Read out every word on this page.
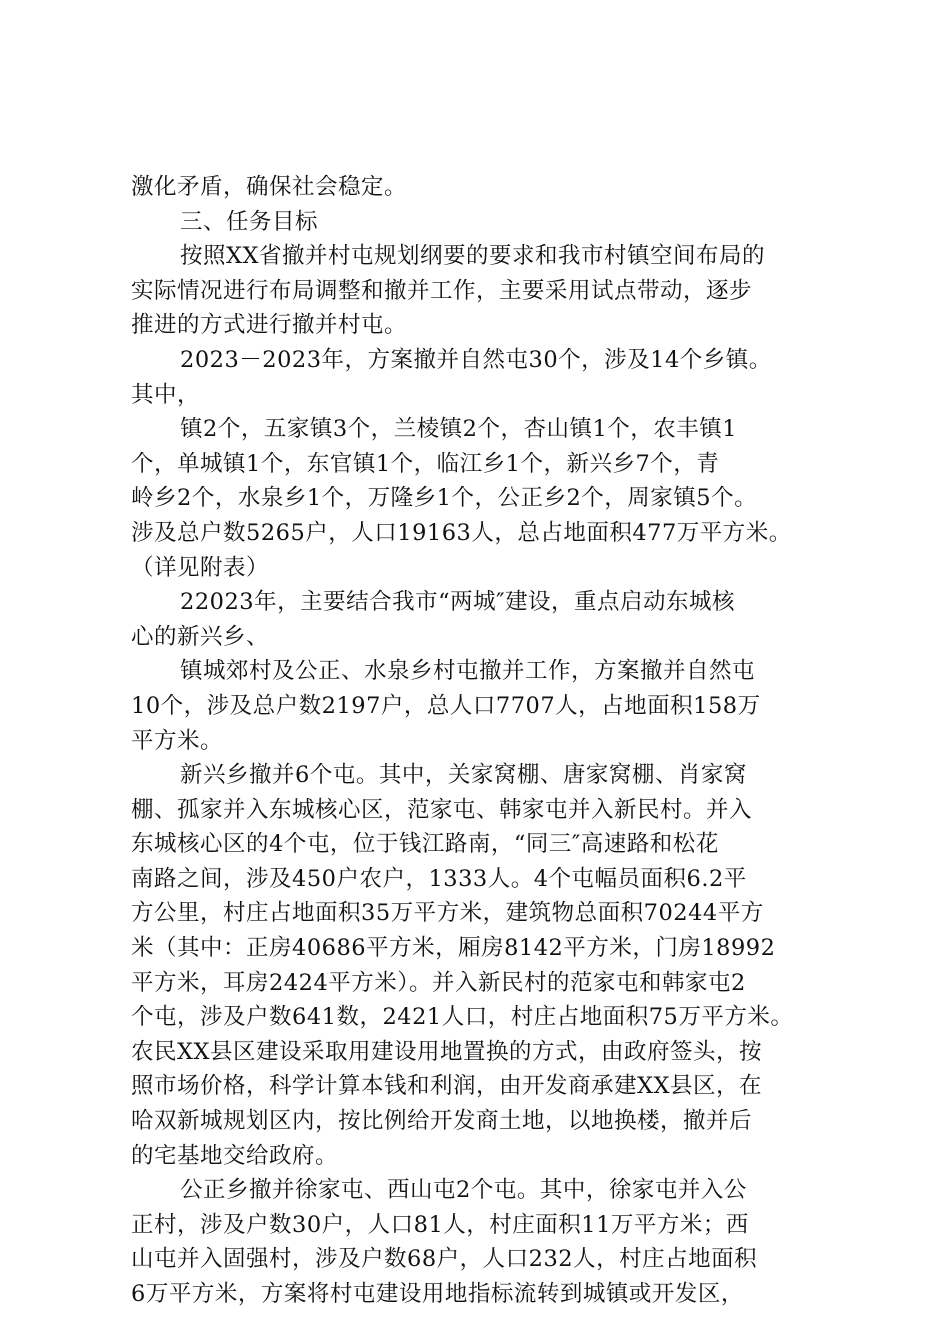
激化矛盾，确保社会稳定。
三、任务目标
按照XX省撤并村屯规划纲要的要求和我市村镇空间布局的
实际情况进行布局调整和撤并工作，主要采用试点带动，逐步
推进的方式进行撤并村屯。
2023－2023年，方案撤并自然屯30个，涉及14个乡镇。
其中，
镇2个，五家镇3个，兰棱镇2个，杏山镇1个，农丰镇1
个，单城镇1个，东官镇1个，临江乡1个，新兴乡7个，青
岭乡2个，水泉乡1个，万隆乡1个，公正乡2个，周家镇5个。
涉及总户数5265户，人口19163人，总占地面积477万平方米。
（详见附表）
22023年，主要结合我市“两城″建设，重点启动东城核
心的新兴乡、
镇城郊村及公正、水泉乡村屯撤并工作，方案撤并自然屯
10个，涉及总户数2197户，总人口7707人，占地面积158万
平方米。
新兴乡撤并6个屯。其中，关家窝棚、唐家窝棚、肖家窝
棚、孤家并入东城核心区，范家屯、韩家屯并入新民村。并入
东城核心区的4个屯，位于钱江路南，“同三″高速路和松花
南路之间，涉及450户农户，1333人。4个屯幅员面积6.2平
方公里，村庄占地面积35万平方米，建筑物总面积70244平方
米（其中：正房40686平方米，厢房8142平方米，门房18992
平方米，耳房2424平方米）。并入新民村的范家屯和韩家屯2
个屯，涉及户数641数，2421人口，村庄占地面积75万平方米。
农民XX县区建设采取用建设用地置换的方式，由政府签头，按
照市场价格，科学计算本钱和利润，由开发商承建XX县区，在
哈双新城规划区内，按比例给开发商土地，以地换楼，撤并后
的宅基地交给政府。
公正乡撤并徐家屯、西山屯2个屯。其中，徐家屯并入公
正村，涉及户数30户，人口81人，村庄面积11万平方米；西
山屯并入固强村，涉及户数68户，人口232人，村庄占地面积
6万平方米，方案将村屯建设用地指标流转到城镇或开发区，
